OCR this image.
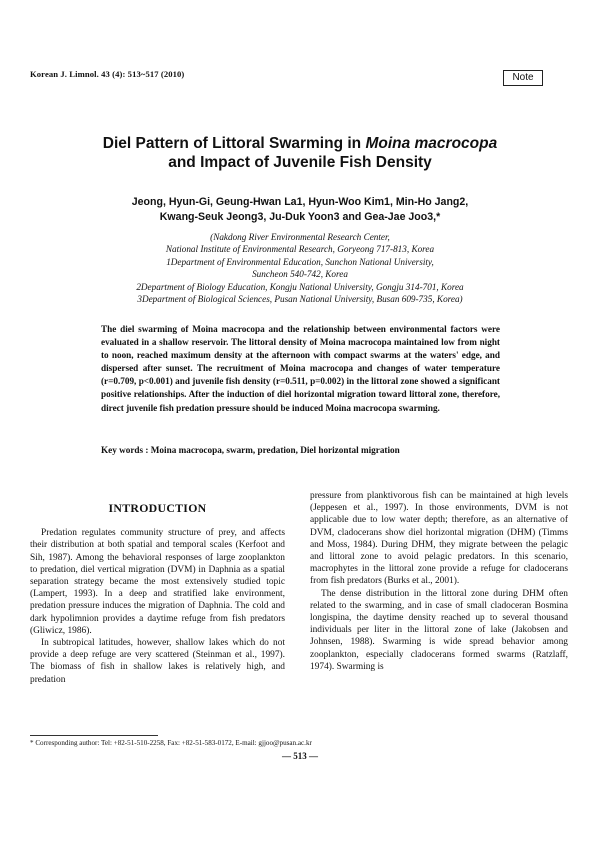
Korean J. Limnol. 43 (4): 513~517 (2010)	Note
Diel Pattern of Littoral Swarming in Moina macrocopa
and Impact of Juvenile Fish Density
Jeong, Hyun-Gi, Geung-Hwan La1, Hyun-Woo Kim1, Min-Ho Jang2,
Kwang-Seuk Jeong3, Ju-Duk Yoon3 and Gea-Jae Joo3,*
(Nakdong River Environmental Research Center,
National Institute of Environmental Research, Goryeong 717-813, Korea
1Department of Environmental Education, Sunchon National University,
Suncheon 540-742, Korea
2Department of Biology Education, Kongju National University, Gongju 314-701, Korea
3Department of Biological Sciences, Pusan National University, Busan 609-735, Korea)
The diel swarming of Moina macrocopa and the relationship between environmental factors were evaluated in a shallow reservoir. The littoral density of Moina macrocopa maintained low from night to noon, reached maximum density at the afternoon with compact swarms at the waters' edge, and dispersed after sunset. The recruitment of Moina macrocopa and changes of water temperature (r=0.709, p<0.001) and juvenile fish density (r=0.511, p=0.002) in the littoral zone showed a significant positive relationships. After the induction of diel horizontal migration toward littoral zone, therefore, direct juvenile fish predation pressure should be induced Moina macrocopa swarming.
Key words : Moina macrocopa, swarm, predation, Diel horizontal migration
INTRODUCTION

Predation regulates community structure of prey, and affects their distribution at both spatial and temporal scales (Kerfoot and Sih, 1987). Among the behavioral responses of large zooplankton to predation, diel vertical migration (DVM) in Daphnia as a spatial separation strategy became the most extensively studied topic (Lampert, 1993). In a deep and stratified lake environment, predation pressure induces the migration of Daphnia. The cold and dark hypolimnion provides a daytime refuge from fish predators (Gliwicz, 1986).

In subtropical latitudes, however, shallow lakes which do not provide a deep refuge are very scattered (Steinman et al., 1997). The biomass of fish in shallow lakes is relatively high, and predation

pressure from planktivorous fish can be maintained at high levels (Jeppesen et al., 1997). In those environments, DVM is not applicable due to low water depth; therefore, as an alternative of DVM, cladocerans show diel horizontal migration (DHM) (Timms and Moss, 1984). During DHM, they migrate between the pelagic and littoral zone to avoid pelagic predators. In this scenario, macrophytes in the littoral zone provide a refuge for cladocerans from fish predators (Burks et al., 2001).

The dense distribution in the littoral zone during DHM often related to the swarming, and in case of small cladoceran Bosmina longispina, the daytime density reached up to several thousand individuals per liter in the littoral zone of lake (Jakobsen and Johnsen, 1988). Swarming is wide spread behavior among zooplankton, especially cladocerans formed swarms (Ratzlaff, 1974). Swarming is

* Corresponding author: Tel: +82-51-510-2258, Fax: +82-51-583-0172, E-mail: gjjoo@pusan.ac.kr
— 513 —
